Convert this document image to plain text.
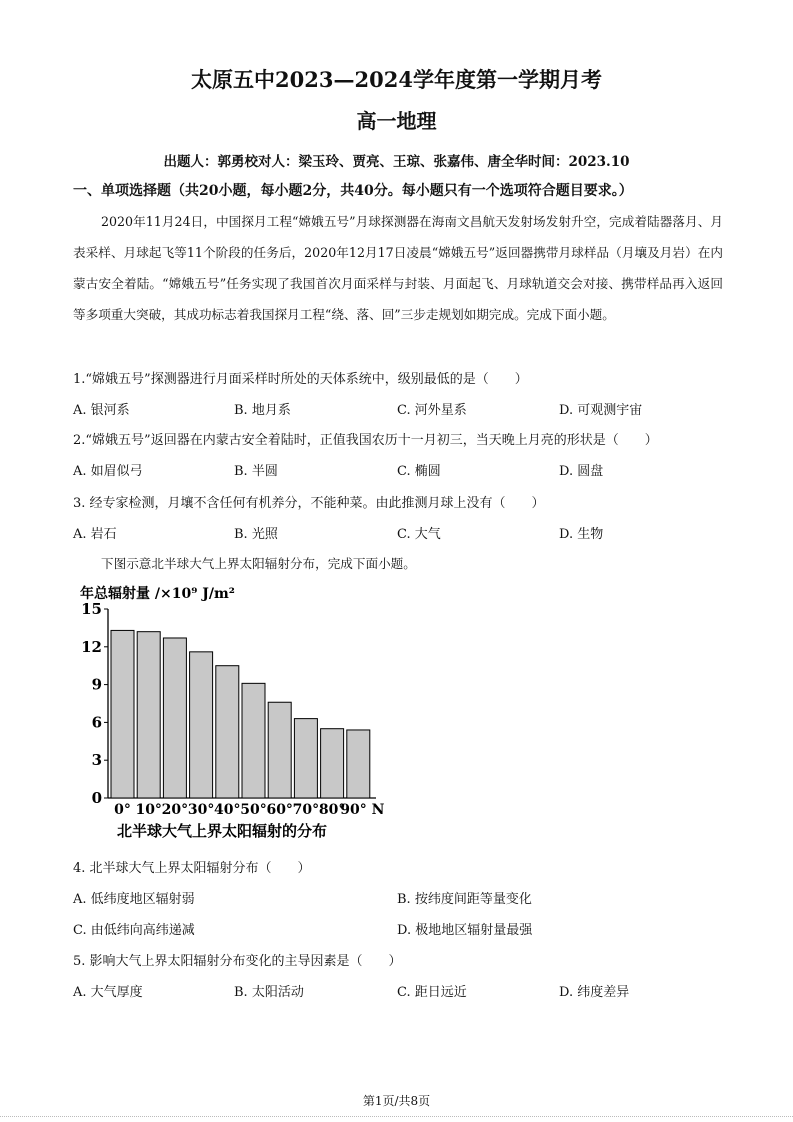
太原五中2023—2024学年度第一学期月考
高一地理
出题人：郭勇校对人：梁玉玲、贾亮、王琼、张嘉伟、唐全华时间：2023.10
一、单项选择题（共20小题，每小题2分，共40分。每小题只有一个选项符合题目要求。）
2020年11月24日，中国探月工程“嫦娥五号”月球探测器在海南文昌航天发射场发射升空，完成着陆器落月、月表采样、月球起飞等11个阶段的任务后，2020年12月17日凌晨“嫦娥五号”返回器携带月球样品（月壤及月岩）在内蒙古安全着陆。“嫦娥五号”任务实现了我国首次月面采样与封装、月面起飞、月球轨道交会对接、携带样品再入返回等多项重大突破，其成功标志着我国探月工程“绕、落、回”三步走规划如期完成。完成下面小题。
1.“嫦娥五号”探测器进行月面采样时所处的天体系统中，级别最低的是（　　）
A. 银河系	B. 地月系	C. 河外星系	D. 可观测宇宙
2.“嫦娥五号”返回器在内蒙古安全着陆时，正值我国农历十一月初三，当天晚上月亮的形状是（　　）
A. 如眉似弓	B. 半圆	C. 椭圆	D. 圆盘
3. 经专家检测，月壤不含任何有机养分，不能种菜。由此推测月球上没有（　　）
A. 岩石	B. 光照	C. 大气	D. 生物
下图示意北半球大气上界太阳辐射分布，完成下面小题。
年总辐射量 /×10⁹ J/m²
0
3
6
9
12
15
0° 10° 20° 30° 40° 50° 60° 70° 80°
90° N
北半球大气上界太阳辐射的分布
4. 北半球大气上界太阳辐射分布（　　）
A. 低纬度地区辐射弱	B. 按纬度间距等量变化
C. 由低纬向高纬递减	D. 极地地区辐射量最强
5. 影响大气上界太阳辐射分布变化的主导因素是（　　）
A. 大气厚度	B. 太阳活动	C. 距日远近	D. 纬度差异
第1页/共8页
